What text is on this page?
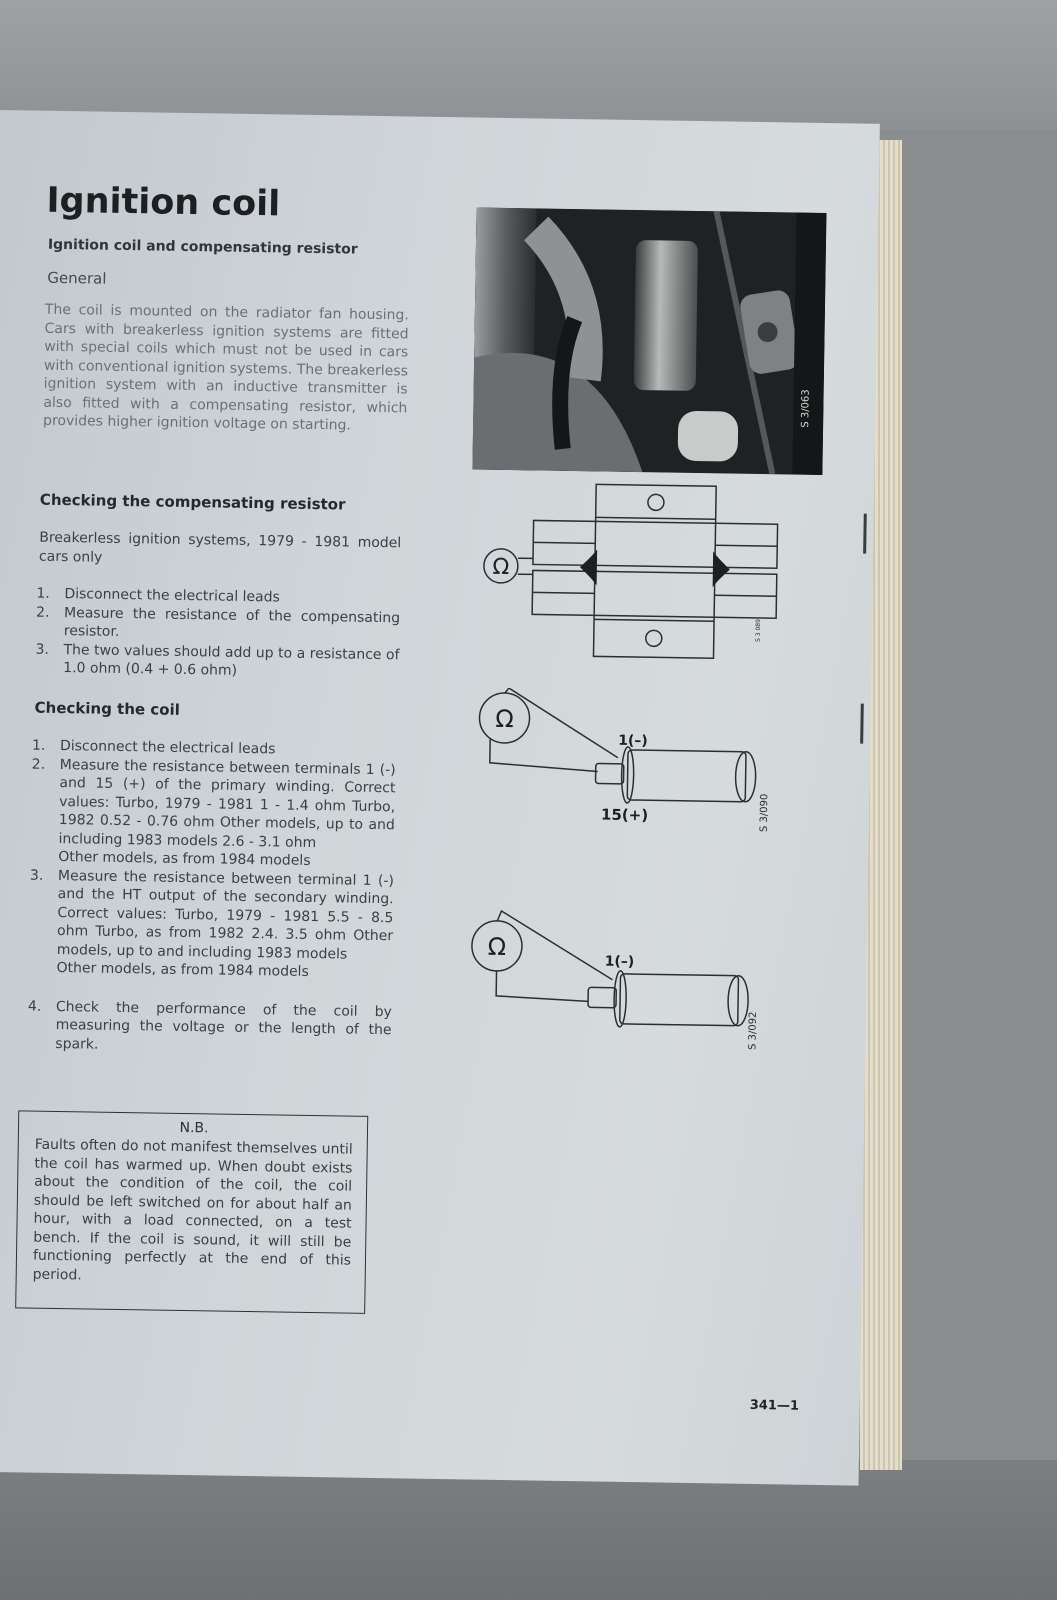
Ignition coil
Ignition coil and compensating resistor
General
The coil is mounted on the radiator fan housing. Cars with breakerless ignition systems are fitted with special coils which must not be used in cars with conventional ignition systems. The breakerless ignition system with an inductive transmitter is also fitted with a compensating resistor, which provides higher ignition voltage on starting.
Checking the compensating resistor
Breakerless ignition systems, 1979 - 1981 model cars only
1. Disconnect the electrical leads
2. Measure the resistance of the compensating resistor.
3. The two values should add up to a resistance of 1.0 ohm (0.4 + 0.6 ohm)
Checking the coil
1. Disconnect the electrical leads
2. Measure the resistance between terminals 1 (-) and 15 (+) of the primary winding. Correct values: Turbo, 1979 - 1981 1 - 1.4 ohm Turbo, 1982 0.52 - 0.76 ohm Other models, up to and including 1983 models 2.6 - 3.1 ohm
Other models, as from 1984 models
3. Measure the resistance between terminal 1 (-) and the HT output of the secondary winding. Correct values: Turbo, 1979 - 1981 5.5 - 8.5 ohm Turbo, as from 1982 2.4. 3.5 ohm Other models, up to and including 1983 models
Other models, as from 1984 models
4. Check the performance of the coil by measuring the voltage or the length of the spark.
N.B.
Faults often do not manifest themselves until the coil has warmed up. When doubt exists about the condition of the coil, the coil should be left switched on for about half an hour, with a load connected, on a test bench. If the coil is sound, it will still be functioning perfectly at the end of this period.
S 3/063
Ω
S 3 089
Ω
1(–)
15(+)	S 3/090
Ω
1(–)
S 3/092
341—1
